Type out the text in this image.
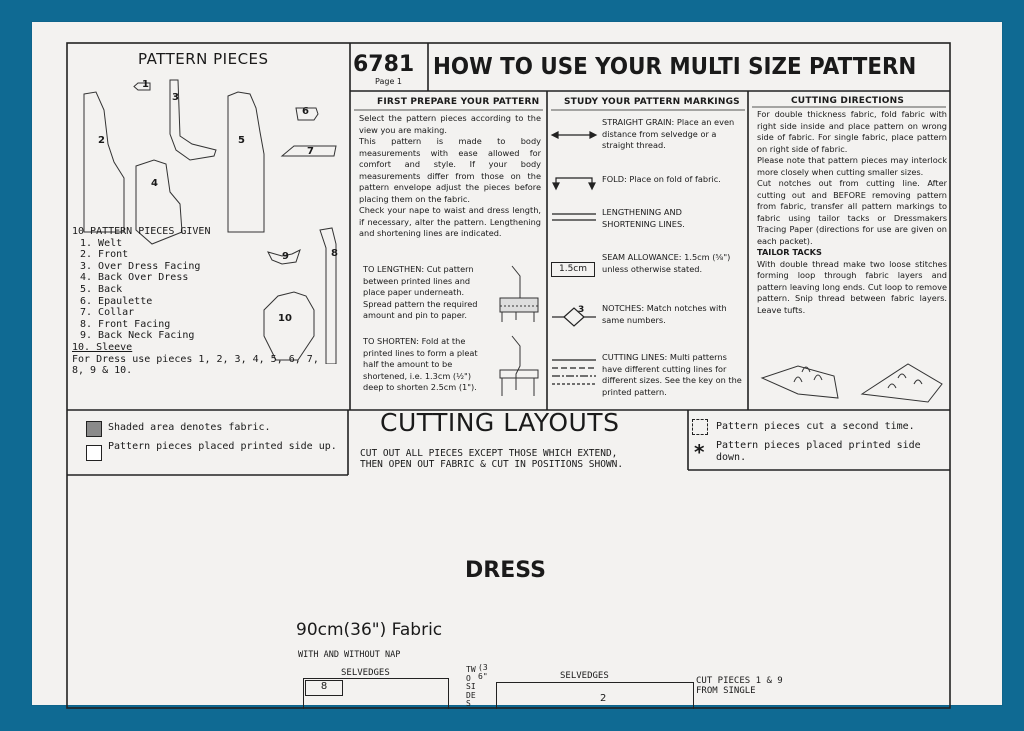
1
2
3
4
5
6
7
8
9
10
PATTERN PIECES	6781
Page 1
HOW TO USE YOUR MULTI SIZE PATTERN
10 PATTERN PIECES GIVEN
1. Welt
2. Front
3. Over Dress Facing
4. Back Over Dress
5. Back
6. Epaulette
7. Collar
8. Front Facing
9. Back Neck Facing
10. Sleeve
For Dress use pieces 1, 2, 3, 4, 5, 6, 7,
8, 9 & 10.
FIRST PREPARE YOUR PATTERN
Select the pattern pieces according to the view you are making.
This pattern is made to body measurements with ease allowed for comfort and style. If your body measurements differ from those on the pattern envelope adjust the pieces before placing them on the fabric.
Check your nape to waist and dress length, if necessary, alter the pattern. Lengthening and shortening lines are indicated.
TO LENGTHEN: Cut pattern between printed lines and place paper underneath. Spread pattern the required amount and pin to paper.
TO SHORTEN: Fold at the printed lines to form a pleat half the amount to be shortened, i.e. 1.3cm (½") deep to shorten 2.5cm (1").
STUDY YOUR PATTERN MARKINGS
1.5cm
3
STRAIGHT GRAIN: Place an even distance from selvedge or a straight thread.
FOLD: Place on fold of fabric.
LENGTHENING AND SHORTENING LINES.
SEAM ALLOWANCE: 1.5cm (⅝") unless otherwise stated.
NOTCHES: Match notches with same numbers.
CUTTING LINES: Multi patterns have different cutting lines for different sizes. See the key on the printed pattern.
CUTTING DIRECTIONS
For double thickness fabric, fold fabric with right side inside and place pattern on wrong side of fabric. For single fabric, place pattern on right side of fabric.
Please note that pattern pieces may interlock more closely when cutting smaller sizes.
Cut notches out from cutting line. After cutting out and BEFORE removing pattern from fabric, transfer all pattern markings to fabric using tailor tacks or Dressmakers Tracing Paper (directions for use are given on each packet).
TAILOR TACKS
With double thread make two loose stitches forming loop through fabric layers and pattern leaving long ends. Cut loop to remove pattern. Snip thread between fabric layers. Leave tufts.
Shaded area denotes fabric.
Pattern pieces placed printed side up.
CUTTING LAYOUTS
CUT OUT ALL PIECES EXCEPT THOSE WHICH EXTEND,
THEN OPEN OUT FABRIC & CUT IN POSITIONS SHOWN.
Pattern pieces cut a second time.
* Pattern pieces placed printed side down.
DRESS
90cm(36") Fabric
WITH AND WITHOUT NAP
SELVEDGES
8
TWO SIDES
(36"	SELVEDGES
2
CUT PIECES 1 & 9
FROM SINGLE
